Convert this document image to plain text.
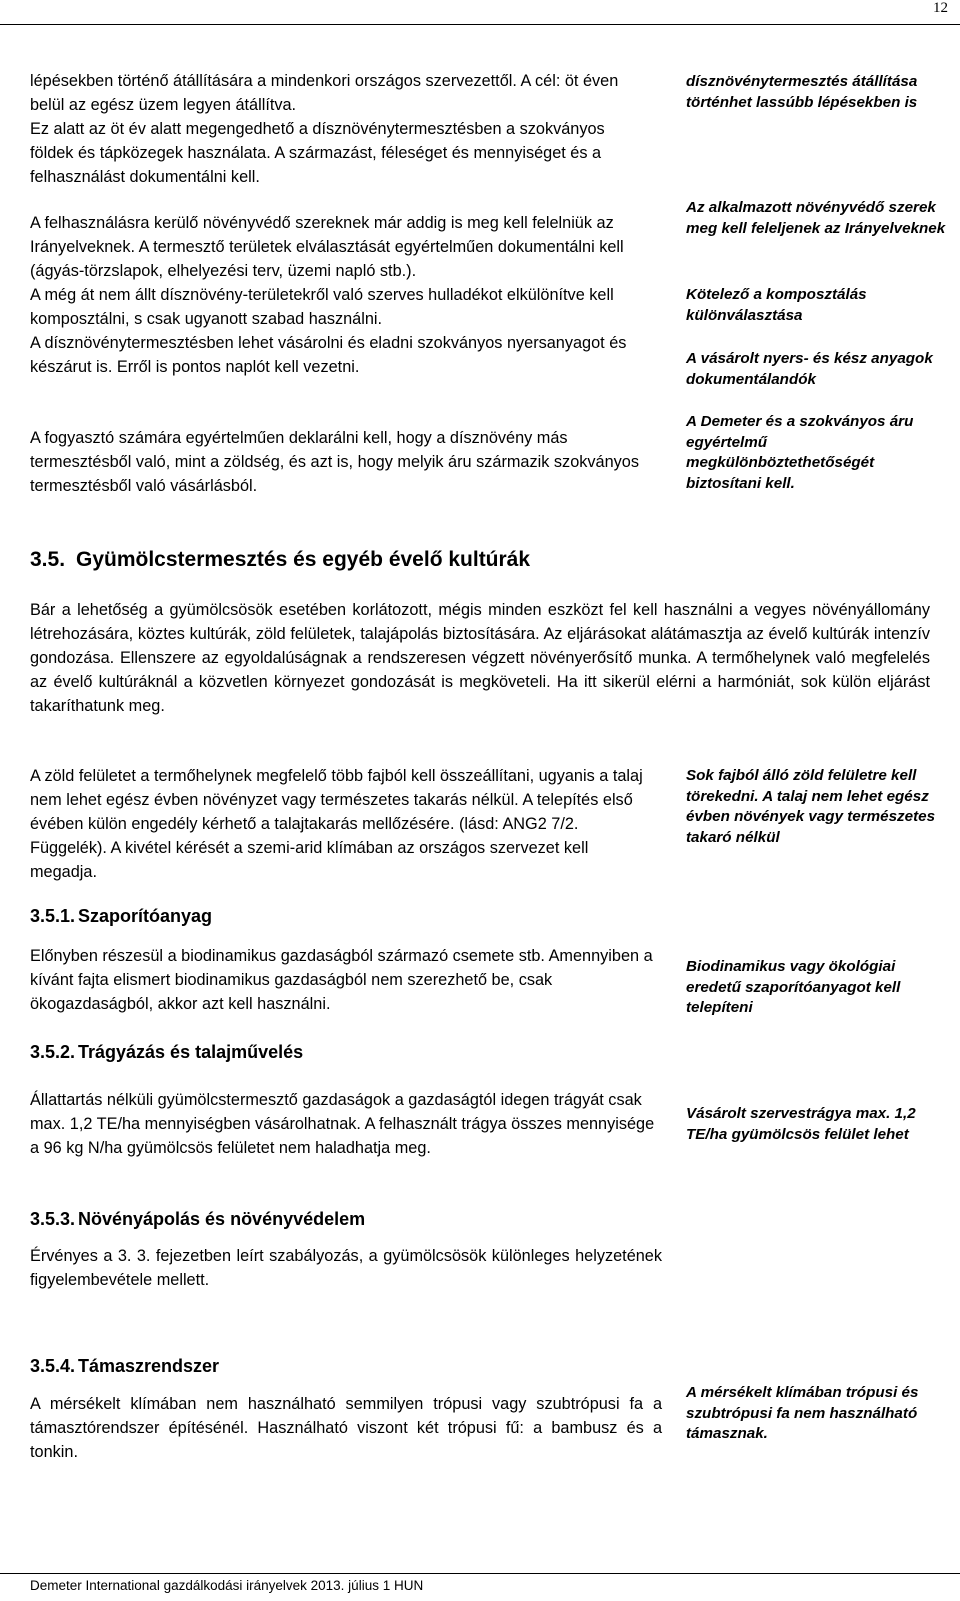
12

lépésekben történő átállítására a mindenkori országos szervezettől. A cél: öt éven belül az egész üzem legyen átállítva.

Ez alatt az öt év alatt megengedhető a dísznövénytermesztésben a szokványos földek és tápközegek használata. A származást, féleséget és mennyiséget és a felhasználást dokumentálni kell.

A felhasználásra kerülő növényvédő szereknek már addig is meg kell felelniük az Irányelveknek. A termesztő területek elválasztását egyértelműen dokumentálni kell (ágyás-törzslapok, elhelyezési terv, üzemi napló stb.).

A még át nem állt dísznövény-területekről való szerves hulladékot elkülönítve kell komposztálni, s csak ugyanott szabad használni.

A dísznövénytermesztésben lehet vásárolni és eladni szokványos nyersanyagot és készárut is. Erről is pontos naplót kell vezetni.

A fogyasztó számára egyértelműen deklarálni kell, hogy a dísznövény más termesztésből való, mint a zöldség, és azt is, hogy melyik áru származik szokványos termesztésből való vásárlásból.

dísznövénytermesztés átállítása történhet lassúbb lépésekben is

Az alkalmazott növényvédő szerek meg kell feleljenek az Irányelveknek

Kötelező a komposztálás különválasztása

A vásárolt nyers- és kész anyagok dokumentálandók

A Demeter és a szokványos áru egyértelmű megkülönböztethetőségét biztosítani kell.

3.5. Gyümölcstermesztés és egyéb évelő kultúrák

Bár a lehetőség a gyümölcsösök esetében korlátozott, mégis minden eszközt fel kell használni a vegyes növényállomány létrehozására, köztes kultúrák, zöld felületek, talajápolás biztosítására. Az eljárásokat alátámasztja az évelő kultúrák intenzív gondozása. Ellenszere az egyoldalúságnak a rendszeresen végzett növényerősítő munka. A termőhelynek való megfelelés az évelő kultúráknál a közvetlen környezet gondozását is megköveteli. Ha itt sikerül elérni a harmóniát, sok külön eljárást takaríthatunk meg.

A zöld felületet a termőhelynek megfelelő több fajból kell összeállítani, ugyanis a talaj nem lehet egész évben növényzet vagy természetes takarás nélkül. A telepítés első évében külön engedély kérhető a talajtakarás mellőzésére. (lásd: ANG2 7/2. Függelék). A kivétel kérését a szemi-arid klímában az országos szervezet kell megadja.

Sok fajból álló zöld felületre kell törekedni. A talaj nem lehet egész évben növények vagy természetes takaró nélkül

3.5.1. Szaporítóanyag

Előnyben részesül a biodinamikus gazdaságból származó csemete stb. Amennyiben a kívánt fajta elismert biodinamikus gazdaságból nem szerezhető be, csak ökogazdaságból, akkor azt kell használni.

Biodinamikus vagy ökológiai eredetű szaporítóanyagot kell telepíteni

3.5.2. Trágyázás és talajművelés

Állattartás nélküli gyümölcstermesztő gazdaságok a gazdaságtól idegen trágyát csak max. 1,2 TE/ha mennyiségben vásárolhatnak. A felhasznált trágya összes mennyisége a 96 kg N/ha gyümölcsös felületet nem haladhatja meg.

Vásárolt szervestrágya max. 1,2 TE/ha gyümölcsös felület lehet

3.5.3. Növényápolás és növényvédelem

Érvényes a 3. 3. fejezetben leírt szabályozás, a gyümölcsösök különleges helyzetének figyelembevétele mellett.

3.5.4. Támaszrendszer

A mérsékelt klímában nem használható semmilyen trópusi vagy szubtrópusi fa a támasztórendszer építésénél. Használható viszont két trópusi fű: a bambusz és a tonkin.

A mérsékelt klímában trópusi és szubtrópusi fa nem használható támasznak.

Demeter International gazdálkodási irányelvek 2013. július 1 HUN
